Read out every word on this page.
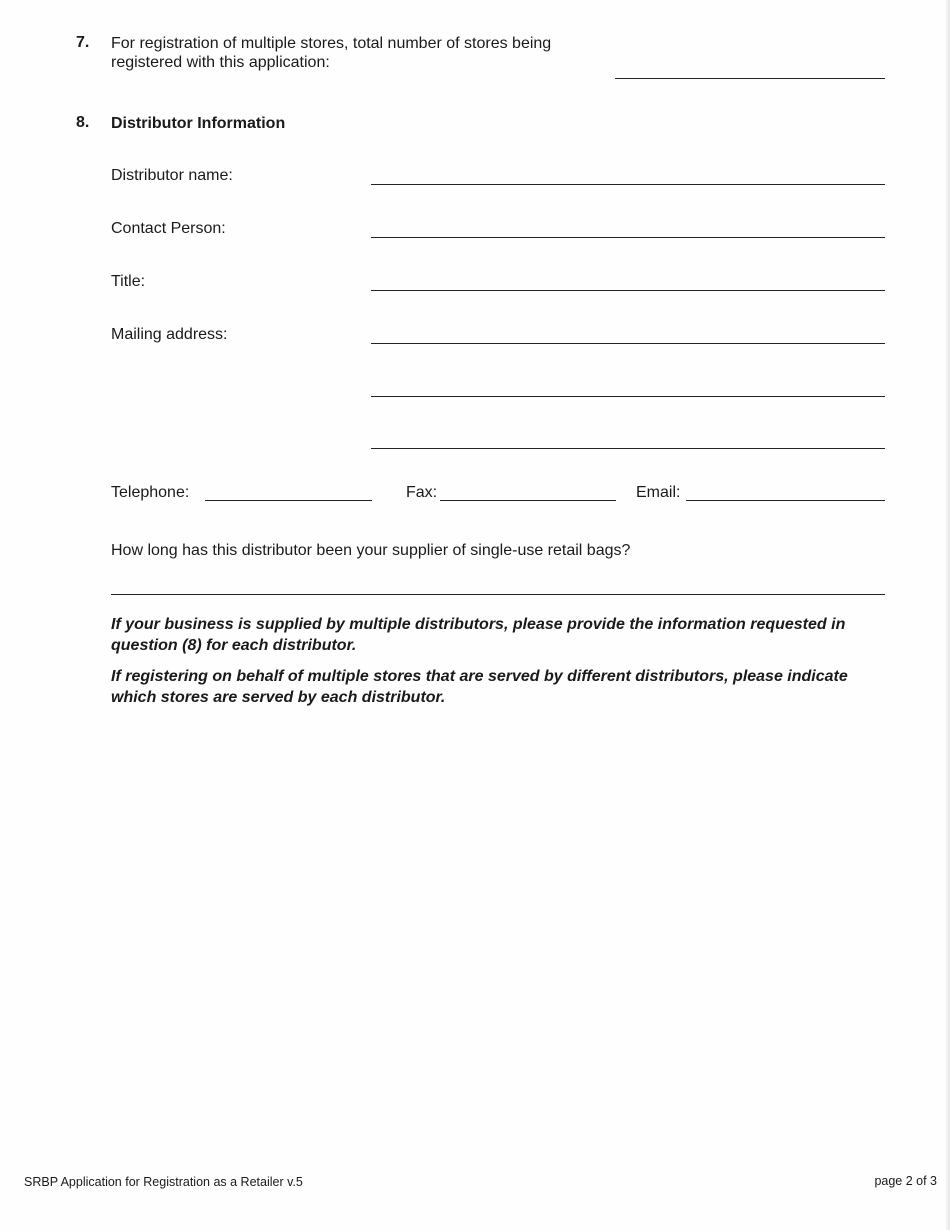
7. For registration of multiple stores, total number of stores being
registered with this application:
8. Distributor Information
Distributor name:
Contact Person:
Title:
Mailing address:
Telephone:	Fax:	Email:
How long has this distributor been your supplier of single-use retail bags?
If your business is supplied by multiple distributors, please provide the information requested in question (8) for each distributor.
If registering on behalf of multiple stores that are served by different distributors, please indicate which stores are served by each distributor.
SRBP Application for Registration as a Retailer v.5	page 2 of 3
